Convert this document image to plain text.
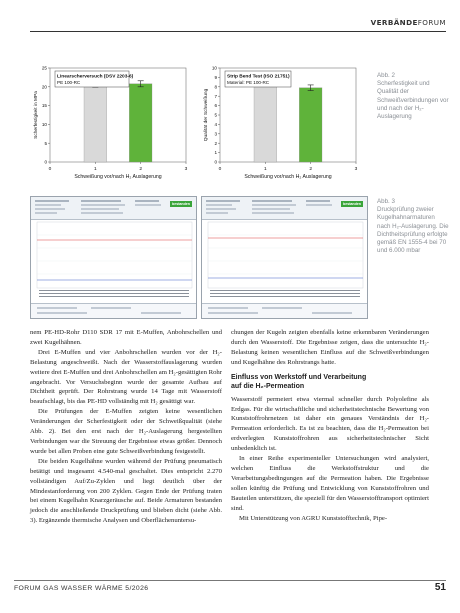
VERBÄNDEFORUM
0
5
10
15
20
25
0	1	2	3
Linearscherversuch (DSV 2203-6)
PE 100-RC
Schweißung vor/nach H₂ Auslagerung
Scherfestigkeit in MPa
0
1
2
3
4
5
6
7
8
9
10
0	1	2	3
Strip Bend Test (ISO 21751)
Material: PE 100-RC
Schweißung vor/nach H₂ Auslagerung
Qualität der Schweißung
Abb. 2
Scherfestigkeit und Qualität der Schweißverbindungen vor und nach der H₂-Auslagerung
bestanden	bestanden	Abb. 3
Druckprüfung zweier Kugelhahnarmaturen nach H₂-Auslagerung. Die Dichtheitsprüfung erfolgte gemäß EN 1555-4 bei 70 und 6.000 mbar

nem PE-HD-Rohr D110 SDR 17 mit E-Muffen, Anbohrschellen und zwei Kugelhähnen.

Drei E-Muffen und vier Anbohrschellen wurden vor der H₂-Belastung angeschweißt. Nach der Wasserstoffauslagerung wurden weitere drei E-Muffen und drei Anbohrschellen am H₂-gesättigten Rohr angebracht. Vor Versuchsbeginn wurde der gesamte Aufbau auf Dichtheit geprüft. Der Rohrstrang wurde 14 Tage mit Wasserstoff beaufschlagt, bis das PE-HD vollständig mit H₂ gesättigt war.

Die Prüfungen der E-Muffen zeigten keine wesentlichen Veränderungen der Scherfestigkeit oder der Schweißqualität (siehe Abb. 2). Bei den erst nach der H₂-Auslagerung hergestellten Verbindungen war die Streuung der Ergebnisse etwas größer. Dennoch wurde bei allen Proben eine gute Schweißverbindung festgestellt.

Die beiden Kugelhähne wurden während der Prüfung pneumatisch betätigt und insgesamt 4.540-mal geschaltet. Dies entspricht 2.270 vollständigen Auf/Zu-Zyklen und liegt deutlich über der Mindestanforderung von 200 Zyklen. Gegen Ende der Prüfung traten bei einem Kugelhahn Knarzgeräusche auf. Beide Armaturen bestanden jedoch die anschließende Druckprüfung und blieben dicht (siehe Abb. 3). Ergänzende thermische Analysen und Oberflächenuntersu-

chungen der Kugeln zeigten ebenfalls keine erkennbaren Veränderungen durch den Wasserstoff. Die Ergebnisse zeigen, dass die untersuchte H₂-Belastung keinen wesentlichen Einfluss auf die Schweißverbindungen und Kugelhähne des Rohrstrangs hatte.

Einfluss von Werkstoff und Verarbeitung
auf die H₂-Permeation

Wasserstoff permeiert etwa viermal schneller durch Polyolefine als Erdgas. Für die wirtschaftliche und sicherheitstechnische Bewertung von Kunststoffrohrnetzen ist daher ein genaues Verständnis der H₂-Permeation erforderlich. Es ist zu beachten, dass die H₂-Permeation bei erdverlegten Kunststoffrohren aus sicherheitstechnischer Sicht unbedenklich ist.

In einer Reihe experimenteller Untersuchungen wird analysiert, welchen Einfluss die Werkstoffstruktur und die Verarbeitungsbedingungen auf die Permeation haben. Die Ergebnisse sollen künftig die Prüfung und Entwicklung von Kunststoffrohren und Bauteilen unterstützen, die speziell für den Wasserstofftransport optimiert sind.

Mit Unterstützung von AGRU Kunststofftechnik, Pipe-

FORUM GAS WASSER WÄRME 5/2026	51
